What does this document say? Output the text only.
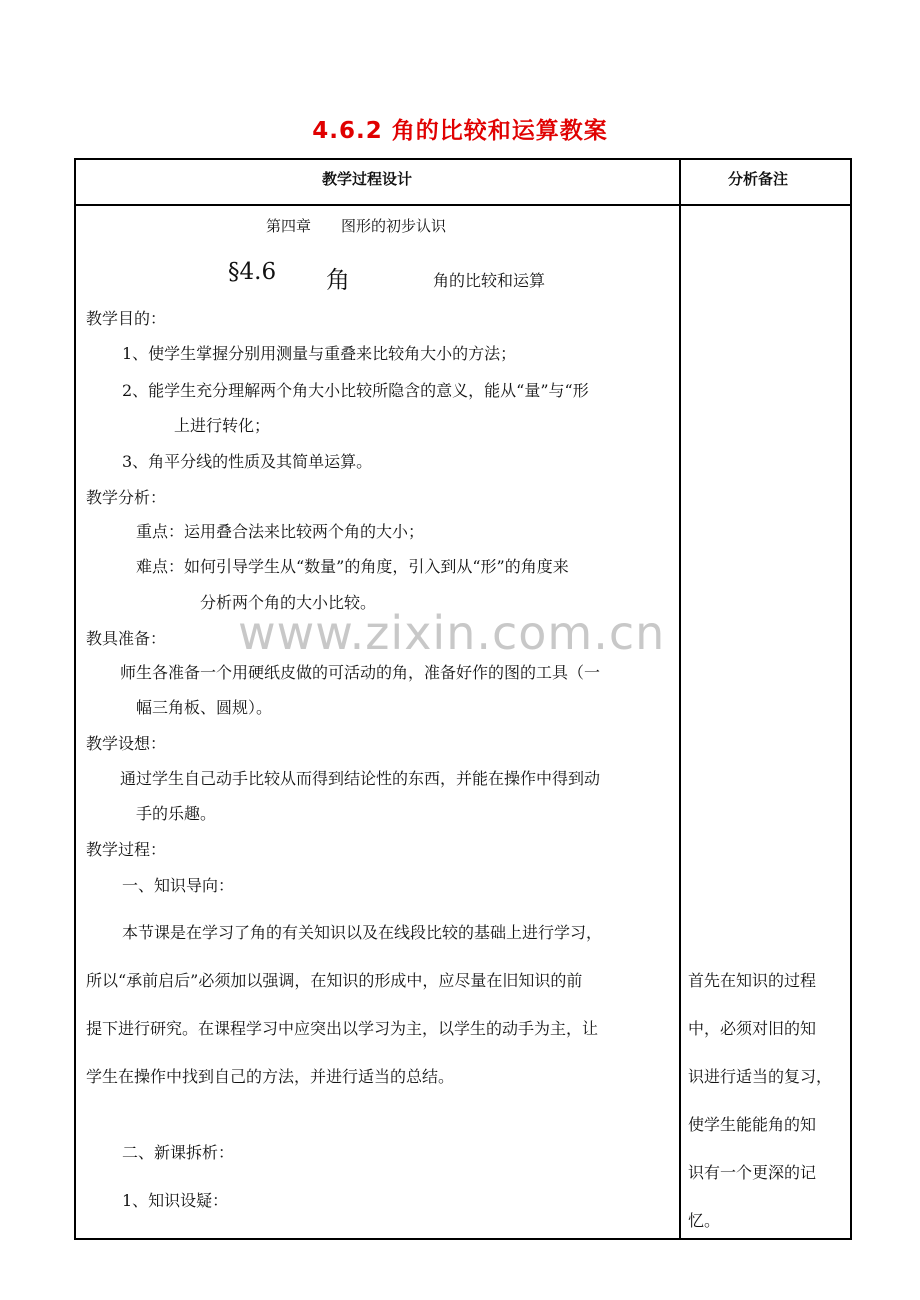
4.6.2 角的比较和运算教案
教学过程设计	分析备注
第四章　　图形的初步认识
§4.6 角	角的比较和运算
教学目的：
1、使学生掌握分别用测量与重叠来比较角大小的方法；
2、能学生充分理解两个角大小比较所隐含的意义，能从“量”与“形
上进行转化；
3、角平分线的性质及其简单运算。
教学分析：
重点：运用叠合法来比较两个角的大小；
难点：如何引导学生从“数量”的角度，引入到从“形”的角度来
分析两个角的大小比较。
教具准备：
师生各准备一个用硬纸皮做的可活动的角，准备好作的图的工具（一
幅三角板、圆规）。
教学设想：
通过学生自己动手比较从而得到结论性的东西，并能在操作中得到动
手的乐趣。
教学过程：
一、知识导向：
本节课是在学习了角的有关知识以及在线段比较的基础上进行学习，
所以“承前启后”必须加以强调，在知识的形成中，应尽量在旧知识的前
提下进行研究。在课程学习中应突出以学习为主，以学生的动手为主，让
学生在操作中找到自己的方法，并进行适当的总结。
二、新课拆析：
1、知识设疑：
www.zixin.com.cn
首先在知识的过程
中，必须对旧的知
识进行适当的复习，
使学生能能角的知
识有一个更深的记
忆。
